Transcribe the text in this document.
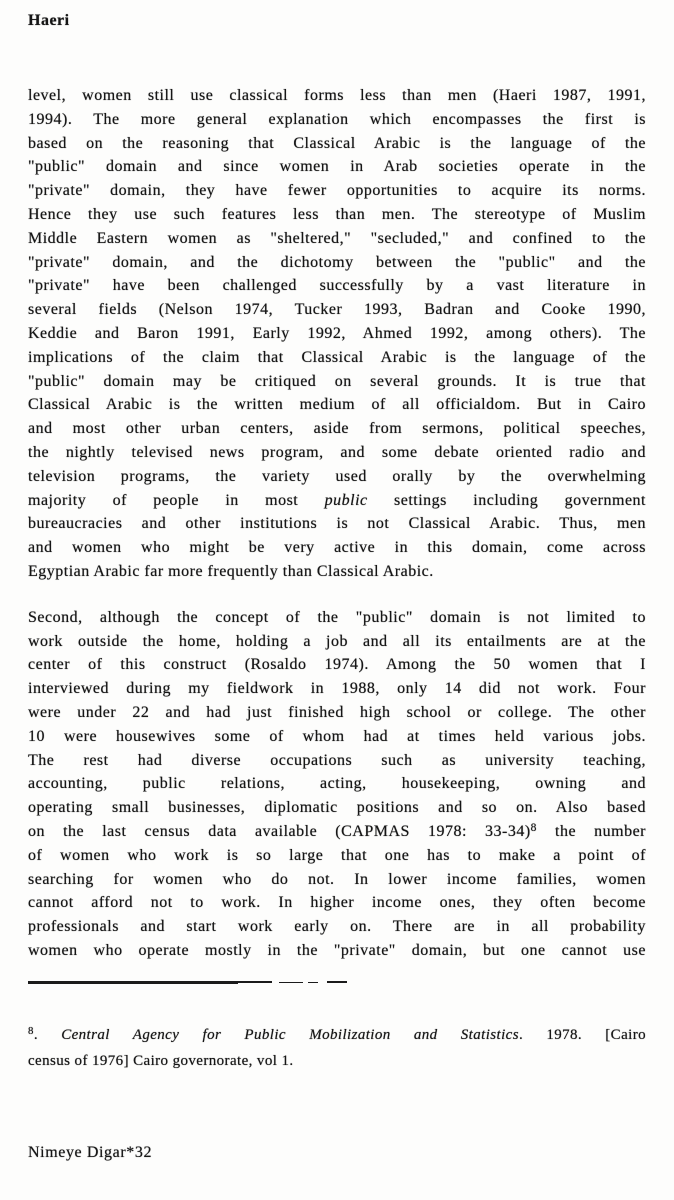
Haeri
level, women still use classical forms less than men (Haeri 1987, 1991,
1994). The more general explanation which encompasses the first is
based on the reasoning that Classical Arabic is the language of the
"public" domain and since women in Arab societies operate in the
"private" domain, they have fewer opportunities to acquire its norms.
Hence they use such features less than men. The stereotype of Muslim
Middle Eastern women as "sheltered," "secluded," and confined to the
"private" domain, and the dichotomy between the "public" and the
"private" have been challenged successfully by a vast literature in
several fields (Nelson 1974, Tucker 1993, Badran and Cooke 1990,
Keddie and Baron 1991, Early 1992, Ahmed 1992, among others). The
implications of the claim that Classical Arabic is the language of the
"public" domain may be critiqued on several grounds. It is true that
Classical Arabic is the written medium of all officialdom. But in Cairo
and most other urban centers, aside from sermons, political speeches,
the nightly televised news program, and some debate oriented radio and
television programs, the variety used orally by the overwhelming
majority of people in most public settings including government
bureaucracies and other institutions is not Classical Arabic. Thus, men
and women who might be very active in this domain, come across
Egyptian Arabic far more frequently than Classical Arabic.
Second, although the concept of the "public" domain is not limited to
work outside the home, holding a job and all its entailments are at the
center of this construct (Rosaldo 1974). Among the 50 women that I
interviewed during my fieldwork in 1988, only 14 did not work. Four
were under 22 and had just finished high school or college. The other
10 were housewives some of whom had at times held various jobs.
The rest had diverse occupations such as university teaching,
accounting, public relations, acting, housekeeping, owning and
operating small businesses, diplomatic positions and so on. Also based
on the last census data available (CAPMAS 1978: 33-34)$^8$ the number
of women who work is so large that one has to make a point of
searching for women who do not. In lower income families, women
cannot afford not to work. In higher income ones, they often become
professionals and start work early on. There are in all probability
women who operate mostly in the "private" domain, but one cannot use
$^8$. Central Agency for Public Mobilization and Statistics. 1978. [Cairo
census of 1976] Cairo governorate, vol 1.
Nimeye Digar*32
